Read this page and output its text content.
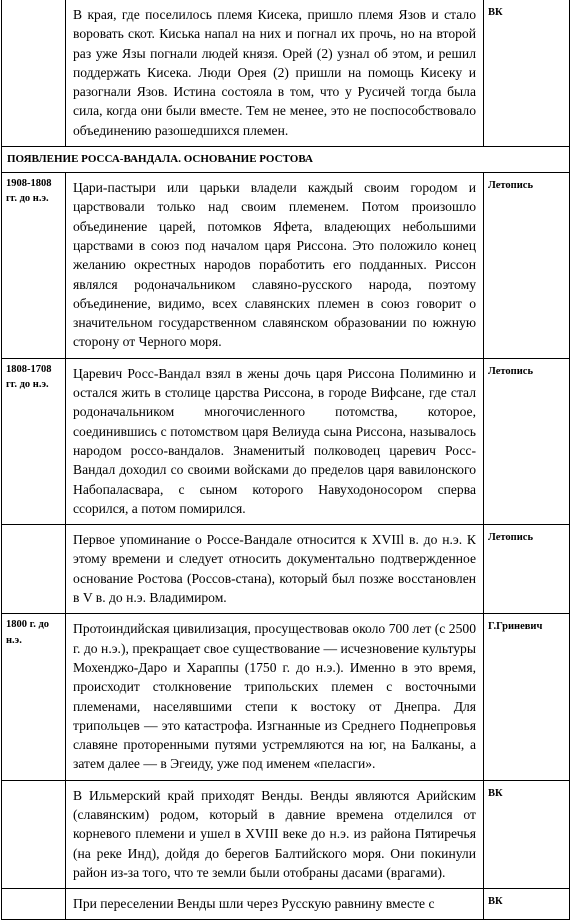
	В края, где поселилось племя Кисека, пришло племя Язов и стало воровать скот. Киська напал на них и погнал их прочь, но на второй раз уже Язы погнали людей князя. Орей (2) узнал об этом, и решил поддержать Кисека. Люди Орея (2) пришли на помощь Кисеку и разогнали Язов. Истина состояла в том, что у Русичей тогда была сила, когда они были вместе. Тем не менее, это не поспособствовало объединению разошедшихся племен.	ВК
ПОЯВЛЕНИЕ РОССА-ВАНДАЛА. ОСНОВАНИЕ РОСТОВА		
1908-1808 гг. до н.э.	Цари-пастыри или царьки владели каждый своим городом и царствовали только над своим племенем. Потом произошло объединение царей, потомков Яфета, владеющих небольшими царствами в союз под началом царя Риссона. Это положило конец желанию окрестных народов поработить его подданных. Риссон являлся родоначальником славяно-русского народа, поэтому объединение, видимо, всех славянских племен в союз говорит о значительном государственном славянском образовании по южную сторону от Черного моря.	Летопись
1808-1708 гг. до н.э.	Царевич Росс-Вандал взял в жены дочь царя Риссона Полиминю и остался жить в столице царства Риссона, в городе Вифсане, где стал родоначальником многочисленного потомства, которое, соединившись с потомством царя Велиуда сына Риссона, называлось народом россо-вандалов. Знаменитый полководец царевич Росс-Вандал доходил со своими войсками до пределов царя вавилонского Набопаласвара, с сыном которого Навуходоносором сперва ссорился, а потом помирился.	Летопись
	Первое упоминание о Россе-Вандале относится к XVIIl в. до н.э. К этому времени и следует относить документально подтвержденное основание Ростова (Россов-стана), который был позже восстановлен в V в. до н.э. Владимиром.	Летопись
1800 г. до н.э.	Протоиндийская цивилизация, просуществовав около 700 лет (с 2500 г. до н.э.), прекращает свое существование — исчезновение культуры Мохенджо-Даро и Хараппы (1750 г. до н.э.). Именно в это время, происходит столкновение трипольских племен с восточными племенами, населявшими степи к востоку от Днепра. Для трипольцев — это катастрофа. Изгнанные из Среднего Поднепровья славяне проторенными путями устремляются на юг, на Балканы, а затем далее — в Эгеиду, уже под именем «пеласги».	Г.Гриневич
	В Ильмерский край приходят Венды. Венды являются Арийским (славянским) родом, который в давние времена отделился от корневого племени и ушел в XVIII веке до н.э. из района Пятиречья (на реке Инд), дойдя до берегов Балтийского моря. Они покинули район из-за того, что те земли были отобраны дасами (врагами).	ВК
	При переселении Венды шли через Русскую равнину вместе с	ВК
